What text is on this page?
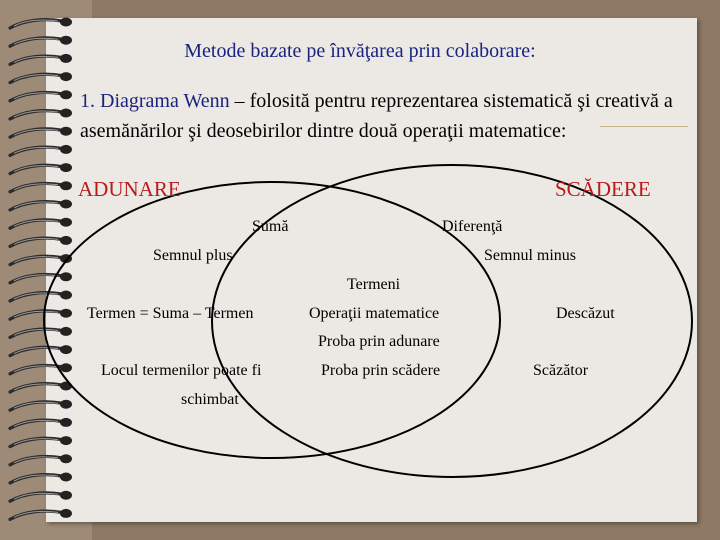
Metode bazate pe învăţarea prin colaborare:
1. Diagrama Wenn – folosită pentru reprezentarea sistematică şi creativă a asemănărilor şi deosebirilor dintre două operaţii matematice:
ADUNARE	SCĂDERE
Sumă	Diferenţă
Semnul plus	Semnul minus
Termeni
Termen = Suma – Termen	Operaţii matematice	Descăzut
Proba prin adunare
Locul termenilor poate fi	Proba prin scădere	Scăzător
schimbat
